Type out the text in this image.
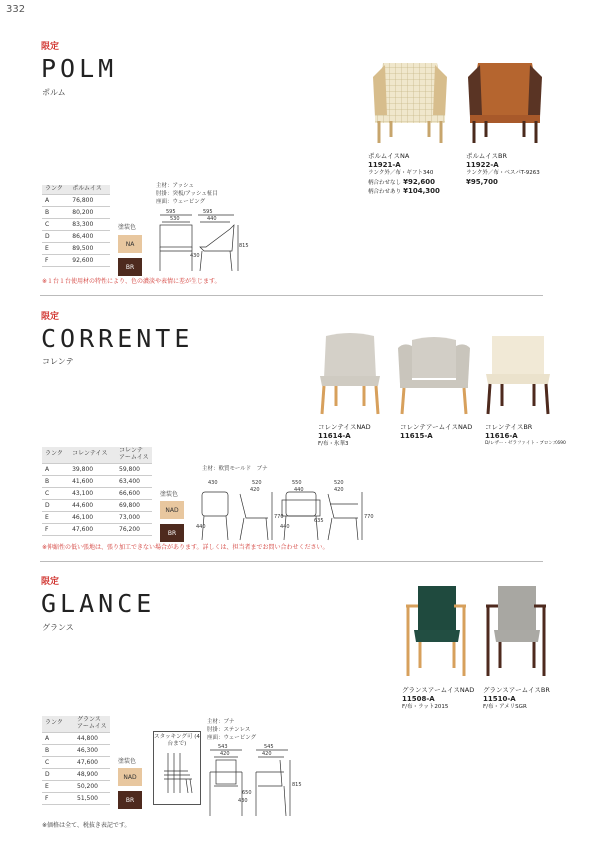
332
限定
POLM
ポルム
ポルムイスNA
11921-A
ランク外／布・ギフト340
柄合わせなし ¥92,600
柄合わせあり ¥104,300
ポルムイスBR
11922-A
ランク外／布・ベスパT-9263
¥95,700
ランク	ポルムイス
A	76,800
B	80,200
C	83,300
D	86,400
E	89,500
F	92,600
塗装色
NA
BR
主材：アッシュ
肘掛：突板/アッシュ柾目
座面：ウェービング
595
530
595
440
430
815
※１台１台使用材の特性により、色の濃淡や表情に差が生じます。
限定
CORRENTE
コレンテ
コレンテイスNAD
11614-A
F/布・氷華3
コレンテアームイスNAD
11615-A
コレンテイスBR
11616-A
D/レザー・ゼラファイト・ブロンズ690
ランク	コレンテイス	コレンテ アームイス
A	39,800	59,800
B	41,600	63,400
C	43,100	66,600
D	44,600	69,800
E	46,100	73,000
F	47,600	76,200
塗装色
NAD
BR
主材：軟質モールド　ブナ
430	520
420
440
770
550
440
520
420
440
635
770
※伸縮性の低い張地は、張り加工できない場合があります。詳しくは、担当者までお問い合わせください。
限定
GLANCE
グランス
グランスアームイスNAD
11508-A
F/布・ラット2015
グランスアームイスBR
11510-A
F/布・アメリSGR
ランク	グランス アームイス
A	44,800
B	46,300
C	47,600
D	48,900
E	50,200
F	51,500
塗装色
NAD
BR
スタッキング可 (4台まで)
主材：ブナ
肘掛：ステンレス
座面：ウェービング
543
420
545
420
430
650
815
※価格は全て、税抜き表記です。
